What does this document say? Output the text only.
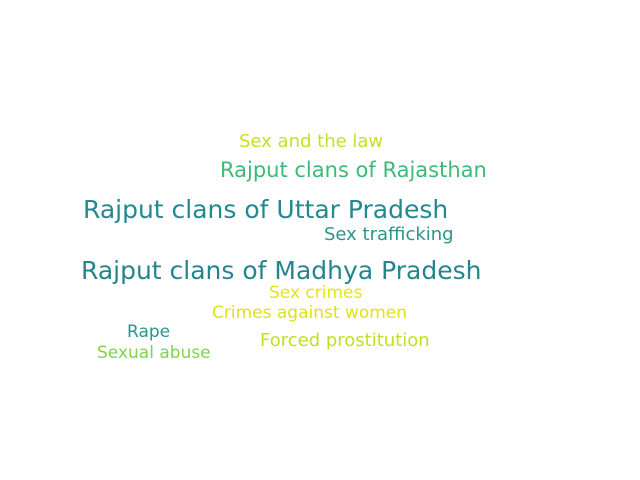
Sex and the law
Rajput clans of Rajasthan
Rajput clans of Uttar Pradesh
Sex trafficking
Rajput clans of Madhya Pradesh
Sex crimes
Crimes against women
Rape	Forced prostitution
Sexual abuse
